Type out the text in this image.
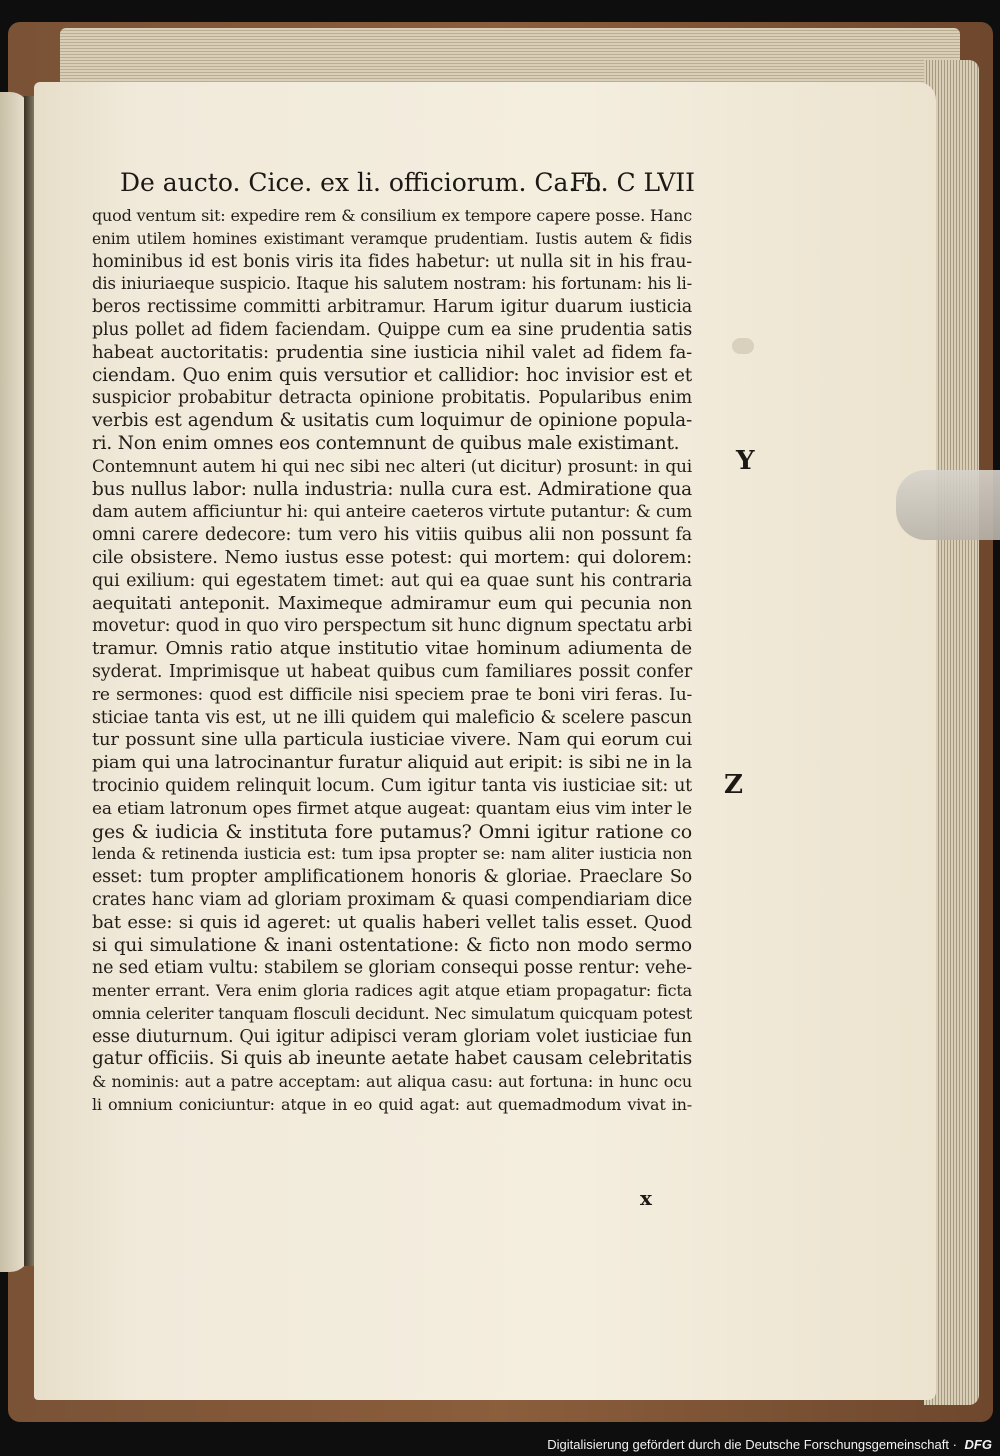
De aucto. Cice. ex li. officiorum. Ca. I.
Fo. C LVII
quod ventum sit: expedire rem & consilium ex tempore capere posse. Hanc
enim utilem homines existimant veramque prudentiam. Iustis autem & fidis
hominibus id est bonis viris ita fides habetur: ut nulla sit in his frau-
dis iniuriaeque suspicio. Itaque his salutem nostram: his fortunam: his li-
beros rectissime committi arbitramur. Harum igitur duarum iusticia
plus pollet ad fidem faciendam. Quippe cum ea sine prudentia satis
habeat auctoritatis: prudentia sine iusticia nihil valet ad fidem fa-
ciendam. Quo enim quis versutior et callidior: hoc invisior est et
suspicior probabitur detracta opinione probitatis. Popularibus enim
verbis est agendum & usitatis cum loquimur de opinione popula-
ri. Non enim omnes eos contemnunt de quibus male existimant.
Contemnunt autem hi qui nec sibi nec alteri (ut dicitur) prosunt: in qui
bus nullus labor: nulla industria: nulla cura est. Admiratione qua
dam autem afficiuntur hi: qui anteire caeteros virtute putantur: & cum
omni carere dedecore: tum vero his vitiis quibus alii non possunt fa
cile obsistere. Nemo iustus esse potest: qui mortem: qui dolorem:
qui exilium: qui egestatem timet: aut qui ea quae sunt his contraria
aequitati anteponit. Maximeque admiramur eum qui pecunia non
movetur: quod in quo viro perspectum sit hunc dignum spectatu arbi
tramur. Omnis ratio atque institutio vitae hominum adiumenta de
syderat. Imprimisque ut habeat quibus cum familiares possit confer
re sermones: quod est difficile nisi speciem prae te boni viri feras. Iu-
sticiae tanta vis est, ut ne illi quidem qui maleficio & scelere pascun
tur possunt sine ulla particula iusticiae vivere. Nam qui eorum cui
piam qui una latrocinantur furatur aliquid aut eripit: is sibi ne in la
trocinio quidem relinquit locum. Cum igitur tanta vis iusticiae sit: ut
ea etiam latronum opes firmet atque augeat: quantam eius vim inter le
ges & iudicia & instituta fore putamus? Omni igitur ratione co
lenda & retinenda iusticia est: tum ipsa propter se: nam aliter iusticia non
esset: tum propter amplificationem honoris & gloriae. Praeclare So
crates hanc viam ad gloriam proximam & quasi compendiariam dice
bat esse: si quis id ageret: ut qualis haberi vellet talis esset. Quod
si qui simulatione & inani ostentatione: & ficto non modo sermo
ne sed etiam vultu: stabilem se gloriam consequi posse rentur: vehe-
menter errant. Vera enim gloria radices agit atque etiam propagatur: ficta
omnia celeriter tanquam flosculi decidunt. Nec simulatum quicquam potest
esse diuturnum. Qui igitur adipisci veram gloriam volet iusticiae fun
gatur officiis. Si quis ab ineunte aetate habet causam celebritatis
& nominis: aut a patre acceptam: aut aliqua casu: aut fortuna: in hunc ocu
li omnium coniciuntur: atque in eo quid agat: aut quemadmodum vivat in-
Y
Z
x
Digitalisierung gefördert durch die Deutsche Forschungsgemeinschaft · DFG
